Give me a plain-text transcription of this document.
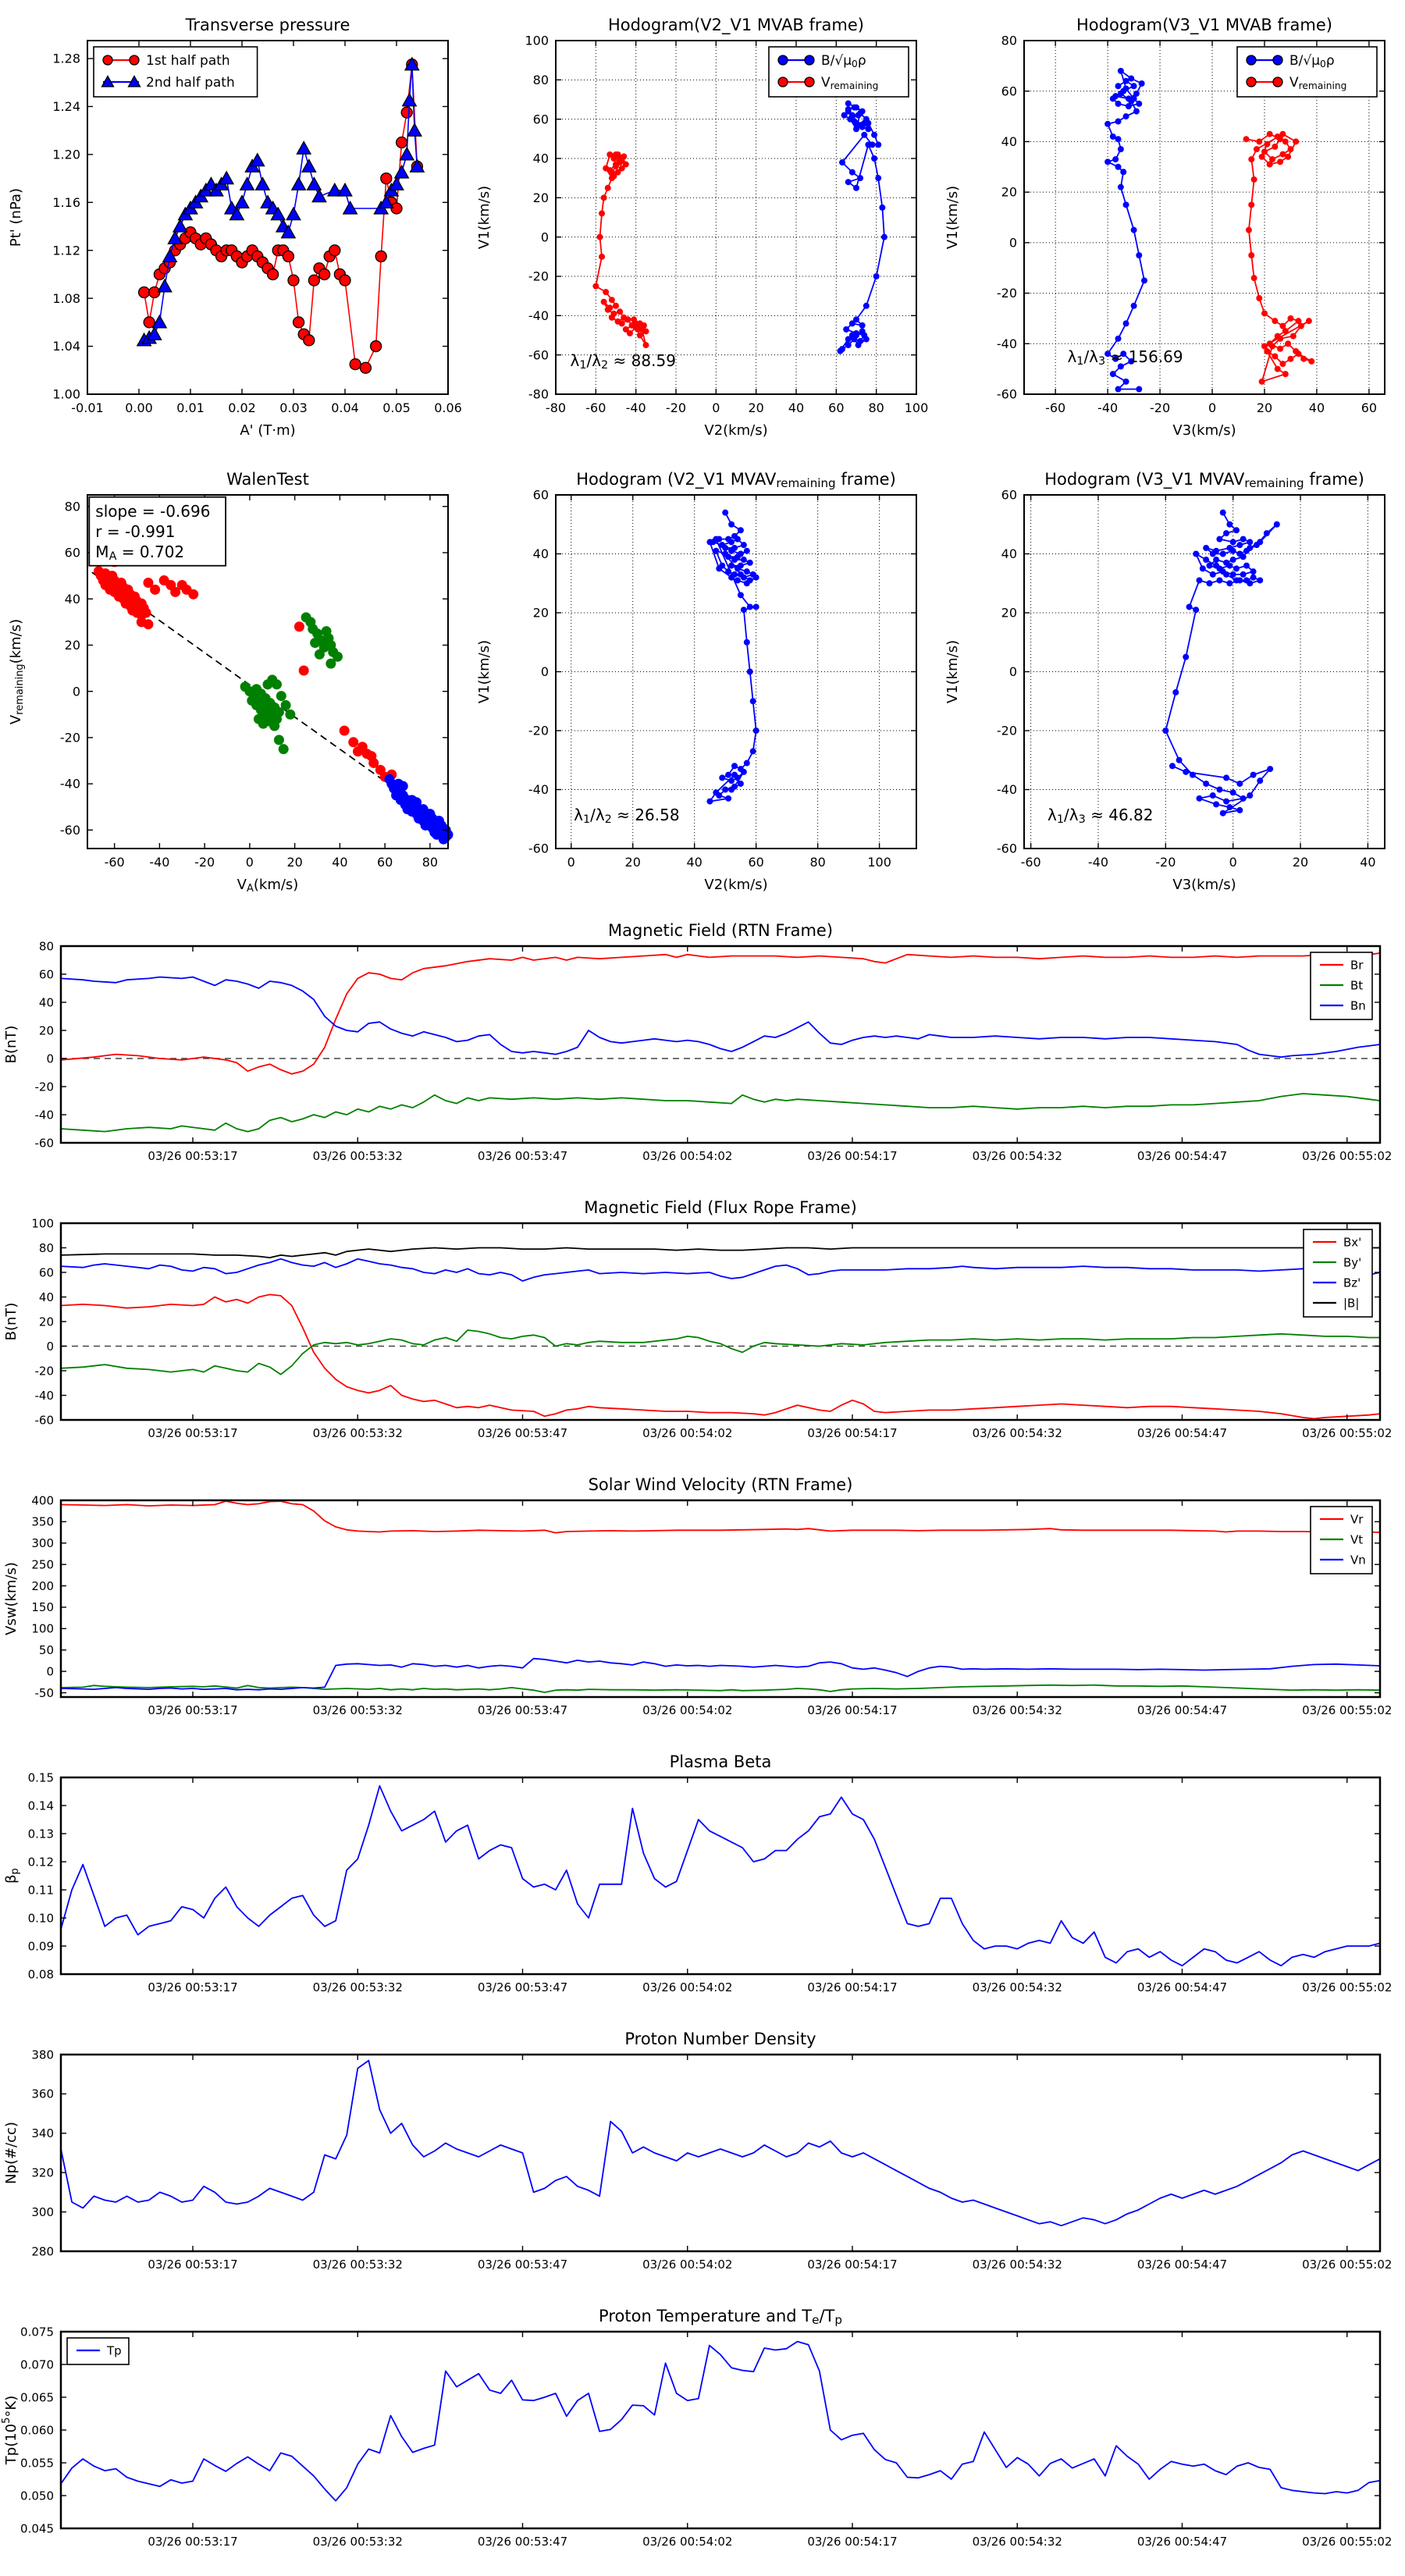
-0.01 0.00 0.01 0.02 0.03 0.04 0.05 0.06
1.00
1.04
1.08
1.12
1.16
1.20
1.24
1.28
Transverse pressure
A' (T·m)
Pt' (nPa)
1st half path
2nd half path
-80 -60 -40 -20 0 20 40 60 80 100
-80
-60
-40
-20
0
20
40
60
80
100
Hodogram(V2_V1 MVAB frame)
V2(km/s)
V1(km/s)
B/√μ0ρ
Vremaining
λ1/λ2 ≈ 88.59
-60	-40	-20	0	20	40	60
-60
-40
-20
0
20
40
60
80
Hodogram(V3_V1 MVAB frame)
V3(km/s)
V1(km/s)
B/√μ0ρ
Vremaining
λ1/λ3 ≈ 156.69
-60 -40 -20 0	20 40 60 80
-60
-40
-20
0
20
40
60
80
WalenTest
VA(km/s)
Vremaining(km/s)
slope = -0.696
r = -0.991
MA = 0.702
0	20	40	60	80	100
-60
-40
-20
0
20
40
60
Hodogram (V2_V1 MVAVremaining frame)
V2(km/s)
V1(km/s)
λ1/λ2 ≈ 26.58
-60	-40	-20	0	20	40
-60
-40
-20
0
20
40
60
Hodogram (V3_V1 MVAVremaining frame)
V3(km/s)
V1(km/s)
λ1/λ3 ≈ 46.82
03/26 00:53:17	03/26 00:53:32	03/26 00:53:47	03/26 00:54:02	03/26 00:54:17	03/26 00:54:32	03/26 00:54:47	03/26 00:55:02
-60
-40
-20
0
20
40
60
80
Magnetic Field (RTN Frame)
B(nT)
Br
Bt
Bn
03/26 00:53:17	03/26 00:53:32	03/26 00:53:47	03/26 00:54:02	03/26 00:54:17	03/26 00:54:32	03/26 00:54:47	03/26 00:55:02
-60
-40
-20
0
20
40
60
80
100
Magnetic Field (Flux Rope Frame)
B(nT)
Bx'
By'
Bz'
|B|
03/26 00:53:17	03/26 00:53:32	03/26 00:53:47	03/26 00:54:02	03/26 00:54:17	03/26 00:54:32	03/26 00:54:47	03/26 00:55:02
-50
0
50
100
150
200
250
300
350
400
Solar Wind Velocity (RTN Frame)
Vsw(km/s)
Vr
Vt
Vn
03/26 00:53:17	03/26 00:53:32	03/26 00:53:47	03/26 00:54:02	03/26 00:54:17	03/26 00:54:32	03/26 00:54:47	03/26 00:55:02
0.08
0.09
0.10
0.11
0.12
0.13
0.14
0.15
Plasma Beta
βp
03/26 00:53:17	03/26 00:53:32	03/26 00:53:47	03/26 00:54:02	03/26 00:54:17	03/26 00:54:32	03/26 00:54:47	03/26 00:55:02
280
300
320
340
360
380
Proton Number Density
Np(#/cc)
03/26 00:53:17	03/26 00:53:32	03/26 00:53:47	03/26 00:54:02	03/26 00:54:17	03/26 00:54:32	03/26 00:54:47	03/26 00:55:02
0.045
0.050
0.055
0.060
0.065
0.070
0.075
Proton Temperature and Te/Tp
Tp(105°K)
Tp
